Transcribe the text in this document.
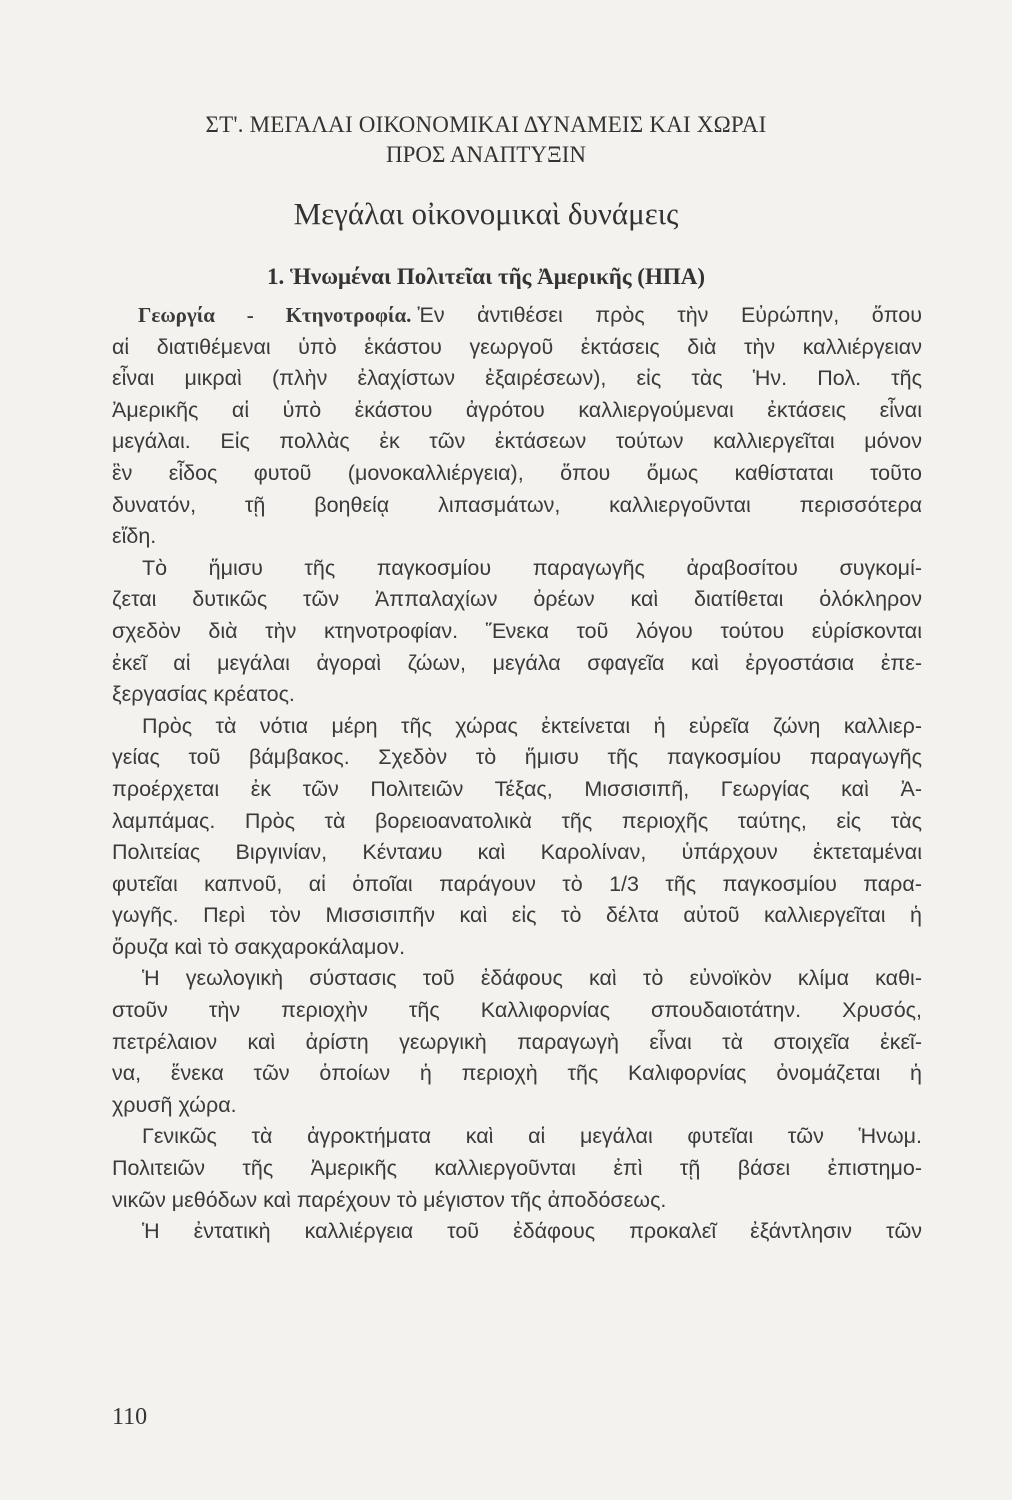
ΣΤ'. ΜΕΓΑΛΑΙ ΟΙΚΟΝΟΜΙΚΑΙ ΔΥΝΑΜΕΙΣ ΚΑΙ ΧΩΡΑΙ
ΠΡΟΣ ΑΝΑΠΤΥΞΙΝ
Μεγάλαι οἰκονομικαὶ δυνάμεις
1. Ἡνωμέναι Πολιτεῖαι τῆς Ἀμερικῆς (ΗΠΑ)
Γεωργία - Κτηνοτροφία. Ἐν ἀντιθέσει πρὸς τὴν Εὐρώπην, ὅπου
αἱ διατιθέμεναι ὑπὸ ἑκάστου γεωργοῦ ἐκτάσεις διὰ τὴν καλλιέργειαν
εἶναι μικραὶ (πλὴν ἐλαχίστων ἐξαιρέσεων), εἰς τὰς Ἡν. Πολ. τῆς
Ἀμερικῆς αἱ ὑπὸ ἑκάστου ἀγρότου καλλιεργούμεναι ἐκτάσεις εἶναι
μεγάλαι. Εἰς πολλὰς ἐκ τῶν ἐκτάσεων τούτων καλλιεργεῖται μόνον
ἓν εἶδος φυτοῦ (μονοκαλλιέργεια), ὅπου ὅμως καθίσταται τοῦτο
δυνατόν, τῇ βοηθείᾳ λιπασμάτων, καλλιεργοῦνται περισσότερα
εἴδη.
Τὸ ἥμισυ τῆς παγκοσμίου παραγωγῆς ἀραβοσίτου συγκομί-
ζεται δυτικῶς τῶν Ἀππαλαχίων ὀρέων καὶ διατίθεται ὁλόκληρον
σχεδὸν διὰ τὴν κτηνοτροφίαν. Ἕνεκα τοῦ λόγου τούτου εὑρίσκονται
ἐκεῖ αἱ μεγάλαι ἀγοραὶ ζώων, μεγάλα σφαγεῖα καὶ ἐργοστάσια ἐπε-
ξεργασίας κρέατος.
Πρὸς τὰ νότια μέρη τῆς χώρας ἐκτείνεται ἡ εὐρεῖα ζώνη καλλιερ-
γείας τοῦ βάμβακος. Σχεδὸν τὸ ἥμισυ τῆς παγκοσμίου παραγωγῆς
προέρχεται ἐκ τῶν Πολιτειῶν Τέξας, Μισσισιπῆ, Γεωργίας καὶ Ἀ-
λαμπάμας. Πρὸς τὰ βορειοανατολικὰ τῆς περιοχῆς ταύτης, εἰς τὰς
Πολιτείας Βιργινίαν, Κένταϰυ καὶ Καρολίναν, ὑπάρχουν ἐκτεταμέναι
φυτεῖαι καπνοῦ, αἱ ὁποῖαι παράγουν τὸ 1/3 τῆς παγκοσμίου παρα-
γωγῆς. Περὶ τὸν Μισσισιπῆν καὶ εἰς τὸ δέλτα αὐτοῦ καλλιεργεῖται ἡ
ὄρυζα καὶ τὸ σακχαροκάλαμον.
Ἡ γεωλογικὴ σύστασις τοῦ ἐδάφους καὶ τὸ εὐνοϊκὸν κλίμα καθι-
στοῦν τὴν περιοχὴν τῆς Καλλιφορνίας σπουδαιοτάτην. Χρυσός,
πετρέλαιον καὶ ἀρίστη γεωργικὴ παραγωγὴ εἶναι τὰ στοιχεῖα ἐκεῖ-
να, ἕνεκα τῶν ὁποίων ἡ περιοχὴ τῆς Καλιφορνίας ὀνομάζεται ἡ
χρυσῆ χώρα.
Γενικῶς τὰ ἀγροκτήματα καὶ αἱ μεγάλαι φυτεῖαι τῶν Ἡνωμ.
Πολιτειῶν τῆς Ἀμερικῆς καλλιεργοῦνται ἐπὶ τῇ βάσει ἐπιστημο-
νικῶν μεθόδων καὶ παρέχουν τὸ μέγιστον τῆς ἀποδόσεως.
Ἡ ἐντατικὴ καλλιέργεια τοῦ ἐδάφους προκαλεῖ ἐξάντλησιν τῶν
110
